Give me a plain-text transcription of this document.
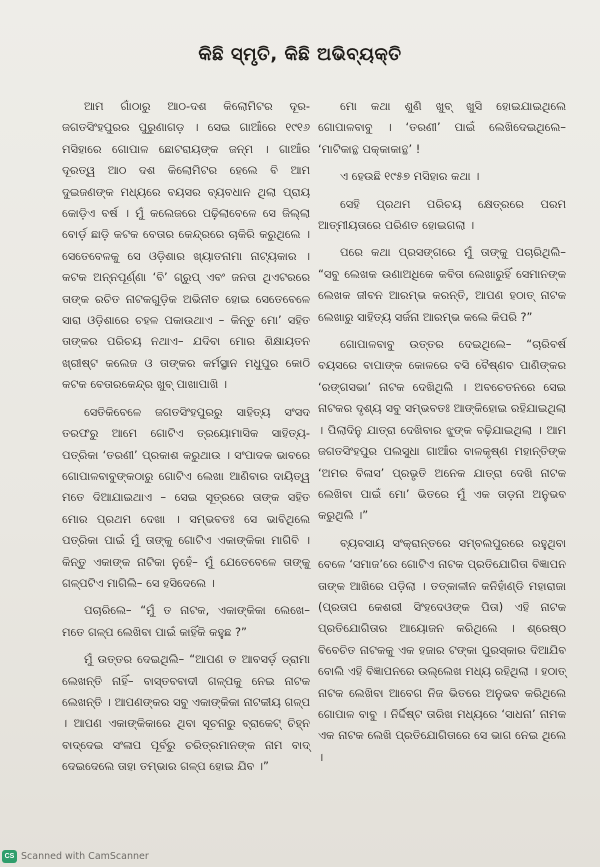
କିଛି ସ୍ମୃତି, କିଛି ଅଭିବ୍ୟକ୍ତି

ଆମ ଗାଁଠାରୁ ଆଠ-ଦଶ କିଲୋମିଟର ଦୂର- ଜଗତସିଂହପୁରର ପୁରୁଣାଗଡ଼ । ସେଇ ଗାଆଁରେ ୧୯୧୬ ମସିହାରେ ଗୋପାଳ ଛୋଟରାୟଙ୍କ ଜନ୍ମ । ଗାଆଁର ଦୂରତ୍ୱ ଆଠ ଦଶ କିଲୋମିଟର ହେଲେ ବି ଆମ ଦୁଇଜଣଙ୍କ ମଧ୍ୟରେ ବୟସର ବ୍ୟବଧାନ ଥିଲା ପ୍ରାୟ କୋଡ଼ିଏ ବର୍ଷ । ମୁଁ କଲେଜରେ ପଢ଼ିଲାବେଳେ ସେ ଜିଲ୍ଲା ବୋର୍ଡ଼ ଛାଡ଼ି କଟକ ବେତାର କେନ୍ଦ୍ରରେ ଚାକିରି କରୁଥିଲେ । ସେତେବେଳକୁ ସେ ଓଡ଼ିଶାର ଖ୍ୟାତନାମା ନାଟ୍ୟକାର । କଟକ ଅନ୍ନପୂର୍ଣ୍ଣା ‘ବି’ ଗ୍ରୁପ୍ ଏବଂ ଜନତା ଥିଏଟରରେ ତାଙ୍କ ରଚିତ ନାଟକଗୁଡ଼ିକ ଅଭିନୀତ ହୋଇ ସେତେବେଳେ ସାରା ଓଡ଼ିଶାରେ ଚହଳ ପକାଉଥାଏ – କିନ୍ତୁ ମୋ’ ସହିତ ତାଙ୍କର ପରିଚୟ ନଥାଏ– ଯଦିବା ମୋର ଶିକ୍ଷାୟତନ ଖ୍ରୀଷ୍ଟ କଲେଜ ଓ ତାଙ୍କର କର୍ମସ୍ଥାନ ମଧୁପୁର କୋଠି କଟକ ବେତାରକେନ୍ଦ୍ର ଖୁବ୍ ପାଖାପାଖି ।

ସେତିକିବେଳେ ଜଗତସିଂହପୁରରୁ ସାହିତ୍ୟ ସଂସଦ ତରଫରୁ ଆମେ ଗୋଟିଏ ତ୍ରୟୋମାସିକ ସାହିତ୍ୟ- ପତ୍ରିକା ‘ତରଣୀ’ ପ୍ରକାଶ କରୁଥାଉ । ସଂପାଦକ ଭାବରେ ଗୋପାଳବାବୁଙ୍କଠାରୁ ଗୋଟିଏ ଲେଖା ଆଣିବାର ଦାୟିତ୍ୱ ମତେ ଦିଆଯାଇଥାଏ – ସେଇ ସୂତ୍ରରେ ତାଙ୍କ ସହିତ ମୋର ପ୍ରଥମ ଦେଖା । ସମ୍ଭବତଃ ସେ ଭାବିଥିଲେ ପତ୍ରିକା ପାଇଁ ମୁଁ ତାଙ୍କୁ ଗୋଟିଏ ଏକାଙ୍କିକା ମାଗିବି । କିନ୍ତୁ ଏକାଙ୍କ ନାଟିକା ନୁହେଁ– ମୁଁ ଯେତେବେଳେ ତାଙ୍କୁ ଗଳ୍ପଟିଏ ମାଗିଲି– ସେ ହସିଦେଲେ ।

ପଚାରିଲେ– “ମୁଁ ତ ନାଟକ, ଏକାଙ୍କିକା ଲେଖେ– ମତେ ଗଳ୍ପ ଲେଖିବା ପାଇଁ କାହିଁକି କହୁଛ ?”

ମୁଁ ଉତ୍ତର ଦେଇଥିଲି– “ଆପଣ ତ ଆବସର୍ଡ଼ ଡ୍ରାମା ଲେଖନ୍ତି ନାହିଁ– ବାସ୍ତବବାଦୀ ଗଳ୍ପକୁ ନେଇ ନାଟକ ଲେଖନ୍ତି । ଆପଣଙ୍କର ସବୁ ଏକାଙ୍କିକା ନାଟକୀୟ ଗଳ୍ପ । ଆପଣ ଏକାଙ୍କିକାରେ ଥିବା ସୂଚନାରୁ ବ୍ରାକେଟ୍ ଚିହ୍ନ ବାଦ୍‌ଦେଇ ସଂଳାପ ପୂର୍ବରୁ ଚରିତ୍ରମାନଙ୍କ ନାମ ବାଦ୍ ଦେଇଦେଲେ ତାହା ତମ୍ଭାର ଗଳ୍ପ ହୋଇ ଯିବ ।”

ମୋ କଥା ଶୁଣି ଖୁବ୍ ଖୁସି ହୋଇଯାଇଥିଲେ ଗୋପାଳବାବୁ । ‘ତରଣୀ’ ପାଇଁ ଲେଖିଦେଇଥିଲେ– ‘ମାଟିକାନ୍ଥ ପକ୍କାକାନ୍ଥ’ !

ଏ ହେଉଛି ୧୯୫୭ ମସିହାର କଥା ।

ସେହି ପ୍ରଥମ ପରିଚୟ କ୍ଷେତ୍ରରେ ପରମ ଆତ୍ମୀୟତାରେ ପରିଣତ ହୋଇଗଲା ।

ପରେ କଥା ପ୍ରସଙ୍ଗରେ ମୁଁ ତାଙ୍କୁ ପଚାରିଥିଲି– “ସବୁ ଲେଖକ ଉଣାଅଧିକେ କବିତା ଲେଖାରୁହିଁ ସେମାନଙ୍କ ଲେଖକ ଜୀବନ ଆରମ୍ଭ କରନ୍ତି, ଆପଣ ହଠାତ୍ ନାଟକ ଲେଖାରୁ ସାହିତ୍ୟ ସର୍ଜନା ଆରମ୍ଭ କଲେ କିପରି ?”

ଗୋପାଳବାବୁ ଉତ୍ତର ଦେଇଥିଲେ– “ଚାରିବର୍ଷ ବୟସରେ ବାପାଙ୍କ କୋଳରେ ବସି ବୈଷ୍ଣବ ପାଣିଙ୍କର ‘ରଙ୍ଗସଭା’ ନାଟକ ଦେଖିଥିଲି । ଅବଚେତନରେ ସେଇ ନାଟକର ଦୃଶ୍ୟ ସବୁ ସମ୍ଭବତଃ ଆଙ୍କିହୋଇ ରହିଯାଇଥିଲା । ପିଲାଦିନୁ ଯାତ୍ରା ଦେଖିବାର ଝୁଙ୍କ ବଢ଼ିଯାଇଥିଲା । ଆମ ଜଗତସିଂହପୁର ପଲସୁଧା ଗାଆଁର ବାଳକୃଷ୍ଣ ମହାନ୍ତିଙ୍କ ‘ଅମର ବିଳାସ’ ପ୍ରଭୃତି ଅନେକ ଯାତ୍ରା ଦେଖି ନାଟକ ଲେଖିବା ପାଇଁ ମୋ’ ଭିତରେ ମୁଁ ଏକ ତାଡ଼ନା ଅନୁଭବ କରୁଥିଲି ।”

ବ୍ୟବସାୟ ସଂକ୍ରାନ୍ତରେ ସମ୍ବଲପୁରରେ ରହୁଥିବା ବେଳେ ‘ସମାଜ’ରେ ଗୋଟିଏ ନାଟକ ପ୍ରତିଯୋଗିତା ବିଜ୍ଞାପନ ତାଙ୍କ ଆଖିରେ ପଡ଼ିଲା । ତତ୍କାଳୀନ କନିହାଁଣ୍ଡି ମହାରାଜା (ପ୍ରତାପ କେଶରୀ ସିଂହଦେଓଙ୍କ ପିତା) ଏହି ନାଟକ ପ୍ରତିଯୋଗିତାର ଆୟୋଜନ କରିଥିଲେ । ଶ୍ରେଷ୍ଠ ବିବେଚିତ ନାଟକକୁ ଏକ ହଜାର ଟଙ୍କା ପୁରସ୍କାର ଦିଆଯିବ ବୋଲି ଏହି ବିଜ୍ଞାପନରେ ଉଲ୍ଲେଖ ମଧ୍ୟ ରହିଥିଲା । ହଠାତ୍ ନାଟକ ଲେଖିବା ଆବେଗ ନିଜ ଭିତରେ ଅନୁଭବ କରିଥିଲେ ଗୋପାଳ ବାବୁ । ନିର୍ଦ୍ଦିଷ୍ଟ ତାରିଖ ମଧ୍ୟରେ ‘ସାଧନା’ ନାମକ ଏକ ନାଟକ ଲେଖି ପ୍ରତିଯୋଗିତାରେ ସେ ଭାଗ ନେଇ ଥିଲେ ।

CS Scanned with CamScanner
